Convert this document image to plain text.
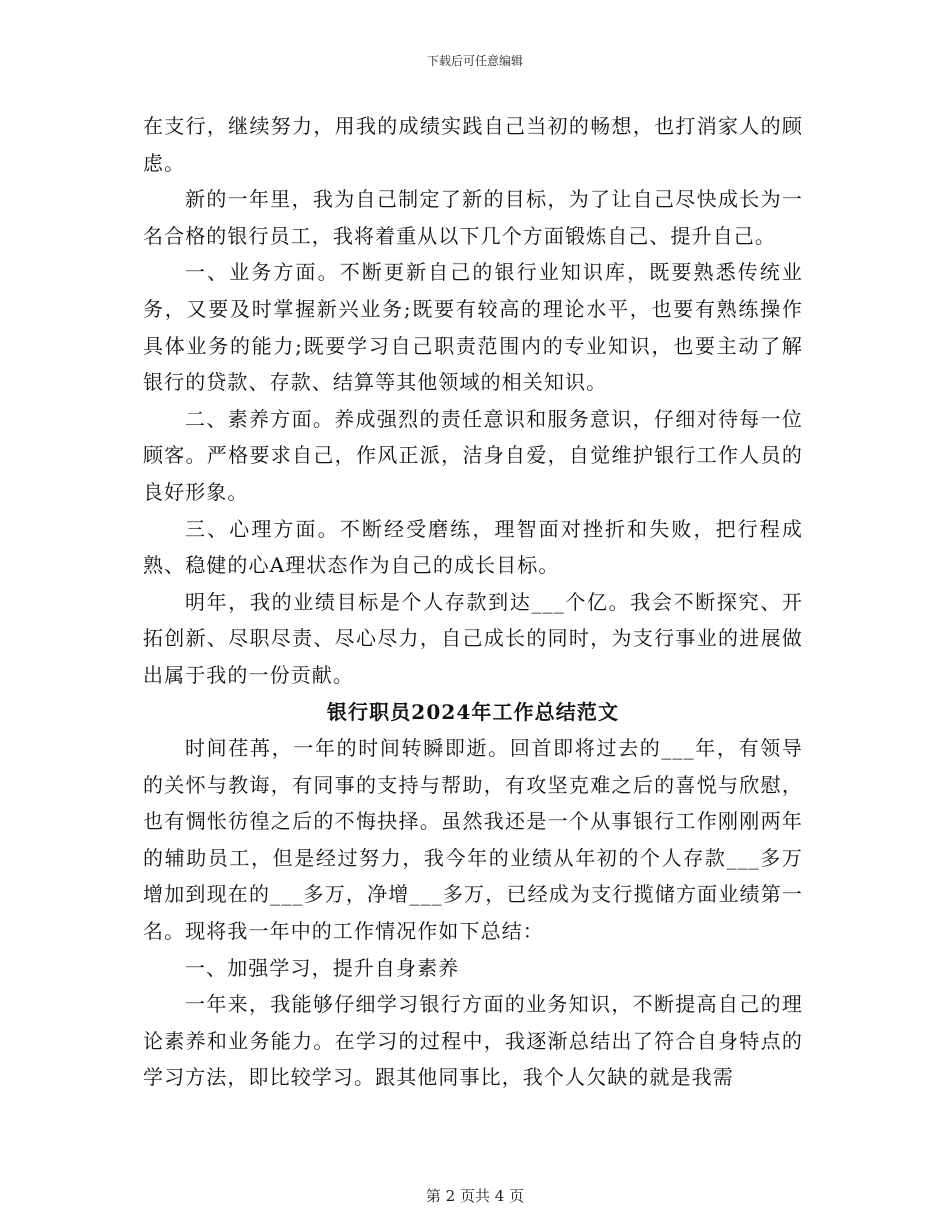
下载后可任意编辑

在支行，继续努力，用我的成绩实践自己当初的畅想，也打消家人的顾虑。

新的一年里，我为自己制定了新的目标，为了让自己尽快成长为一名合格的银行员工，我将着重从以下几个方面锻炼自己、提升自己。

一、业务方面。不断更新自己的银行业知识库，既要熟悉传统业务，又要及时掌握新兴业务;既要有较高的理论水平，也要有熟练操作具体业务的能力;既要学习自己职责范围内的专业知识，也要主动了解银行的贷款、存款、结算等其他领域的相关知识。

二、素养方面。养成强烈的责任意识和服务意识，仔细对待每一位顾客。严格要求自己，作风正派，洁身自爱，自觉维护银行工作人员的良好形象。

三、心理方面。不断经受磨练，理智面对挫折和失败，把行程成熟、稳健的心A理状态作为自己的成长目标。

明年，我的业绩目标是个人存款到达___个亿。我会不断探究、开拓创新、尽职尽责、尽心尽力，自己成长的同时，为支行事业的进展做出属于我的一份贡献。

银行职员2024年工作总结范文

时间荏苒，一年的时间转瞬即逝。回首即将过去的___年，有领导的关怀与教诲，有同事的支持与帮助，有攻坚克难之后的喜悦与欣慰，也有惆怅彷徨之后的不悔抉择。虽然我还是一个从事银行工作刚刚两年的辅助员工，但是经过努力，我今年的业绩从年初的个人存款___多万增加到现在的___多万，净增___多万，已经成为支行揽储方面业绩第一名。现将我一年中的工作情况作如下总结：

一、加强学习，提升自身素养

一年来，我能够仔细学习银行方面的业务知识，不断提高自己的理论素养和业务能力。在学习的过程中，我逐渐总结出了符合自身特点的学习方法，即比较学习。跟其他同事比，我个人欠缺的就是我需

第 2 页共 4 页
